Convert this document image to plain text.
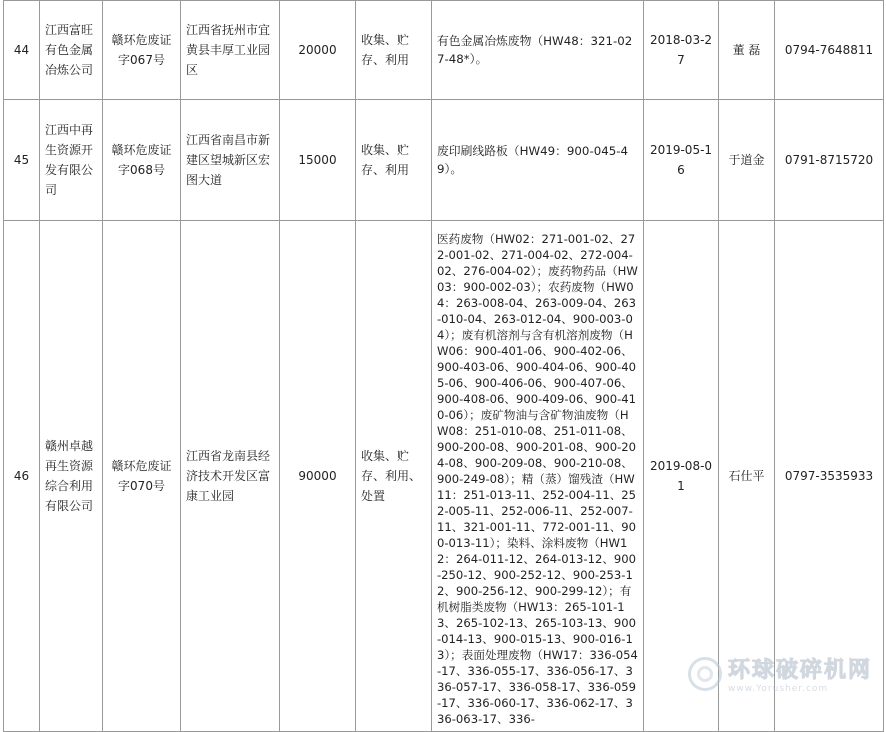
44	江西富旺有色金属冶炼公司	赣环危废证字067号	江西省抚州市宜黄县丰厚工业园区	20000	收集、贮存、利用	有色金属冶炼废物（HW48：321-027-48*）。	2018-03-27	董 磊	0794-7648811
45	江西中再生资源开发有限公司	赣环危废证字068号	江西省南昌市新建区望城新区宏图大道	15000	收集、贮存、利用	废印刷线路板（HW49：900-045-49）。	2019-05-16	于道金	0791-8715720
46	赣州卓越再生资源综合利用有限公司	赣环危废证字070号	江西省龙南县经济技术开发区富康工业园	90000	收集、贮存、利用、处置	医药废物（HW02：271-001-02、272-001-02、271-004-02、272-004-02、276-004-02）；废药物药品（HW03：900-002-03）；农药废物（HW04：263-008-04、263-009-04、263-010-04、263-012-04、900-003-04）；废有机溶剂与含有机溶剂废物（HW06：900-401-06、900-402-06、900-403-06、900-404-06、900-405-06、900-406-06、900-407-06、900-408-06、900-409-06、900-410-06）；废矿物油与含矿物油废物（HW08：251-010-08、251-011-08、900-200-08、900-201-08、900-204-08、900-209-08、900-210-08、900-249-08）；精（蒸）馏残渣（HW11：251-013-11、252-004-11、252-005-11、252-006-11、252-007-11、321-001-11、772-001-11、900-013-11）；染料、涂料废物（HW12：264-011-12、264-013-12、900-250-12、900-252-12、900-253-12、900-256-12、900-299-12）；有机树脂类废物（HW13：265-101-13、265-102-13、265-103-13、900-014-13、900-015-13、900-016-13）；表面处理废物（HW17：336-054-17、336-055-17、336-056-17、336-057-17、336-058-17、336-059-17、336-060-17、336-062-17、336-063-17、336-	2019-08-01	石仕平	0797-3535933
环球破碎机网
www.Yorusher.com
